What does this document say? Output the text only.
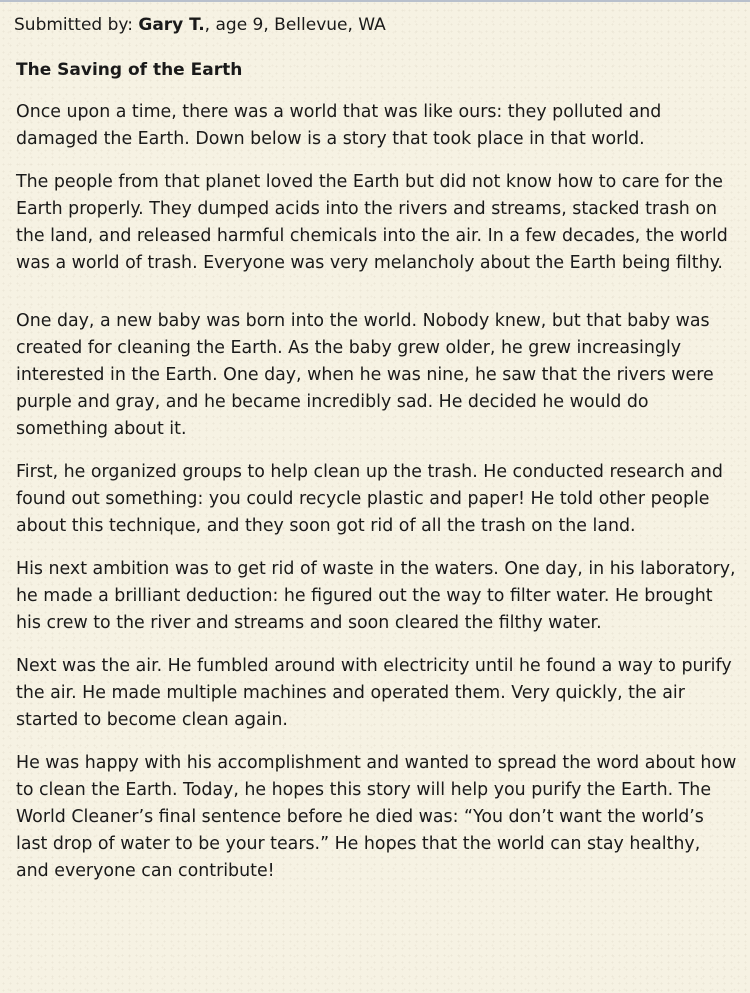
Submitted by: Gary T., age 9, Bellevue, WA

The Saving of the Earth

Once upon a time, there was a world that was like ours: they polluted and damaged the Earth. Down below is a story that took place in that world.

The people from that planet loved the Earth but did not know how to care for the Earth properly. They dumped acids into the rivers and streams, stacked trash on the land, and released harmful chemicals into the air. In a few decades, the world was a world of trash. Everyone was very melancholy about the Earth being filthy.

One day, a new baby was born into the world. Nobody knew, but that baby was created for cleaning the Earth. As the baby grew older, he grew increasingly interested in the Earth. One day, when he was nine, he saw that the rivers were purple and gray, and he became incredibly sad. He decided he would do something about it.

First, he organized groups to help clean up the trash. He conducted research and found out something: you could recycle plastic and paper! He told other people about this technique, and they soon got rid of all the trash on the land.

His next ambition was to get rid of waste in the waters. One day, in his laboratory, he made a brilliant deduction: he figured out the way to filter water. He brought his crew to the river and streams and soon cleared the filthy water.

Next was the air. He fumbled around with electricity until he found a way to purify the air. He made multiple machines and operated them. Very quickly, the air started to become clean again.

He was happy with his accomplishment and wanted to spread the word about how to clean the Earth. Today, he hopes this story will help you purify the Earth. The World Cleaner’s final sentence before he died was: “You don’t want the world’s last drop of water to be your tears.” He hopes that the world can stay healthy, and everyone can contribute!
